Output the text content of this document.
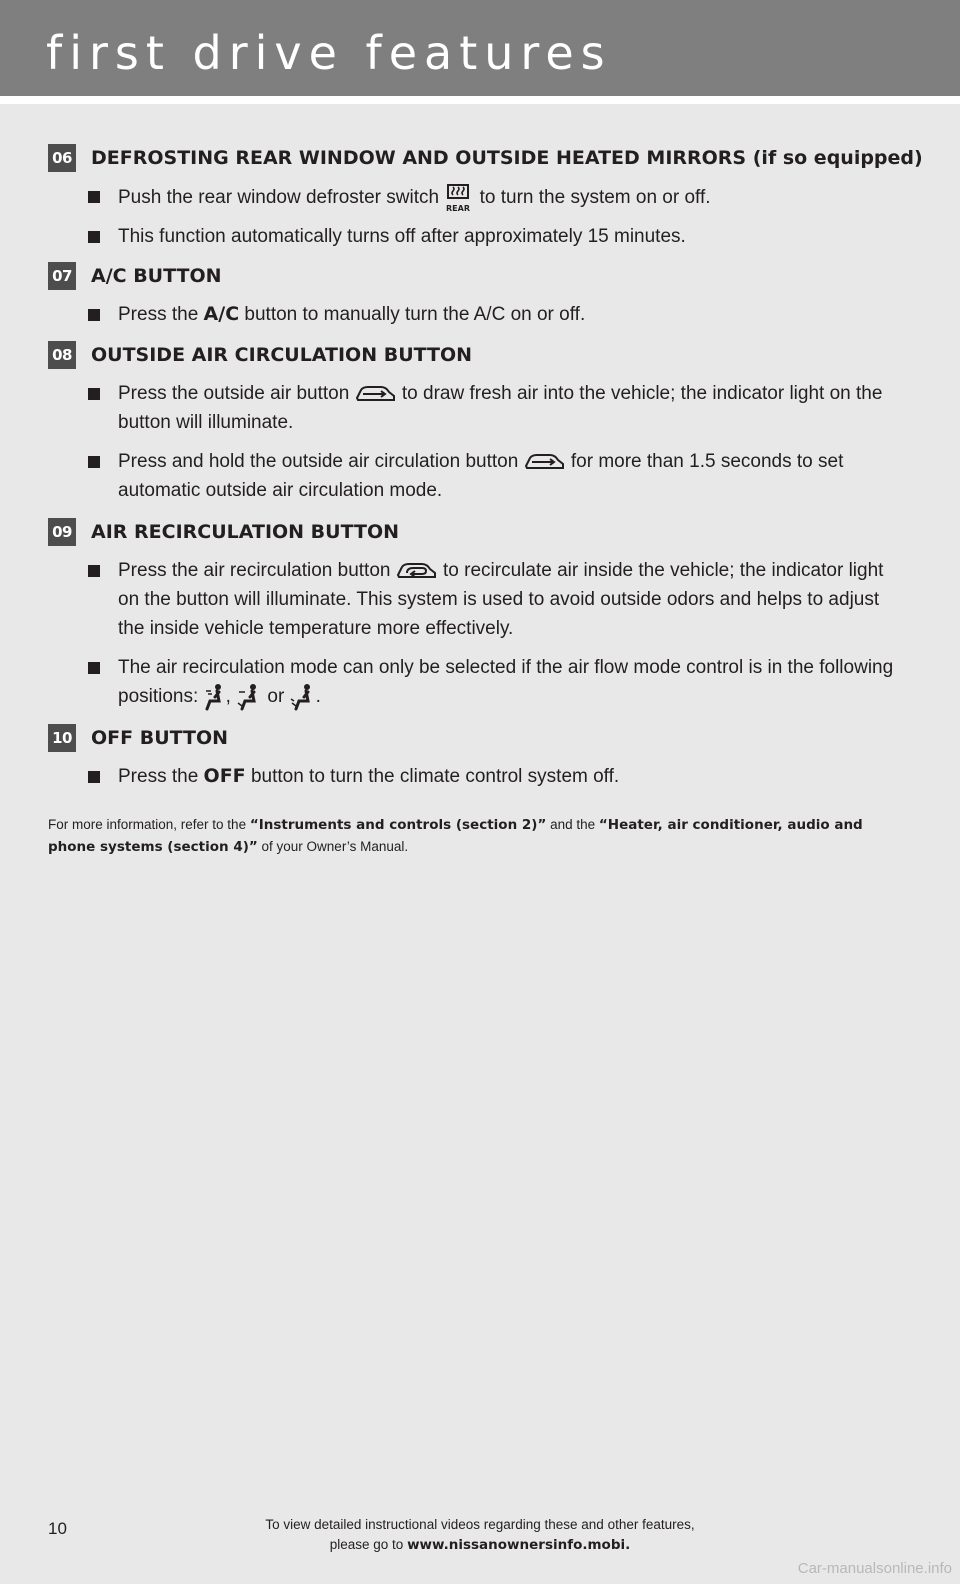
first drive features
06 DEFROSTING REAR WINDOW AND OUTSIDE HEATED MIRRORS (if so equipped)
Push the rear window defroster switch
REAR
to turn the system on or off.
This function automatically turns off after approximately 15 minutes.
07 A/C BUTTON
Press the A/C button to manually turn the A/C on or off.
08 OUTSIDE AIR CIRCULATION BUTTON
Press the outside air button	to draw fresh air into the vehicle; the indicator light on the button will illuminate.
Press and hold the outside air circulation button	for more than 1.5 seconds to set automatic outside air circulation mode.
09 AIR RECIRCULATION BUTTON
Press the air recirculation button	to recirculate air inside the vehicle; the indicator light on the button will illuminate. This system is used to avoid outside odors and helps to adjust the inside vehicle temperature more effectively.
The air recirculation mode can only be selected if the air flow mode control is in the following positions: , or .
10 OFF BUTTON
Press the OFF button to turn the climate control system off.
For more information, refer to the “Instruments and controls (section 2)” and the “Heater, air conditioner, audio and phone systems (section 4)” of your Owner’s Manual.
10	To view detailed instructional videos regarding these and other features,
please go to www.nissanownersinfo.mobi.
Car-manualsonline.info
